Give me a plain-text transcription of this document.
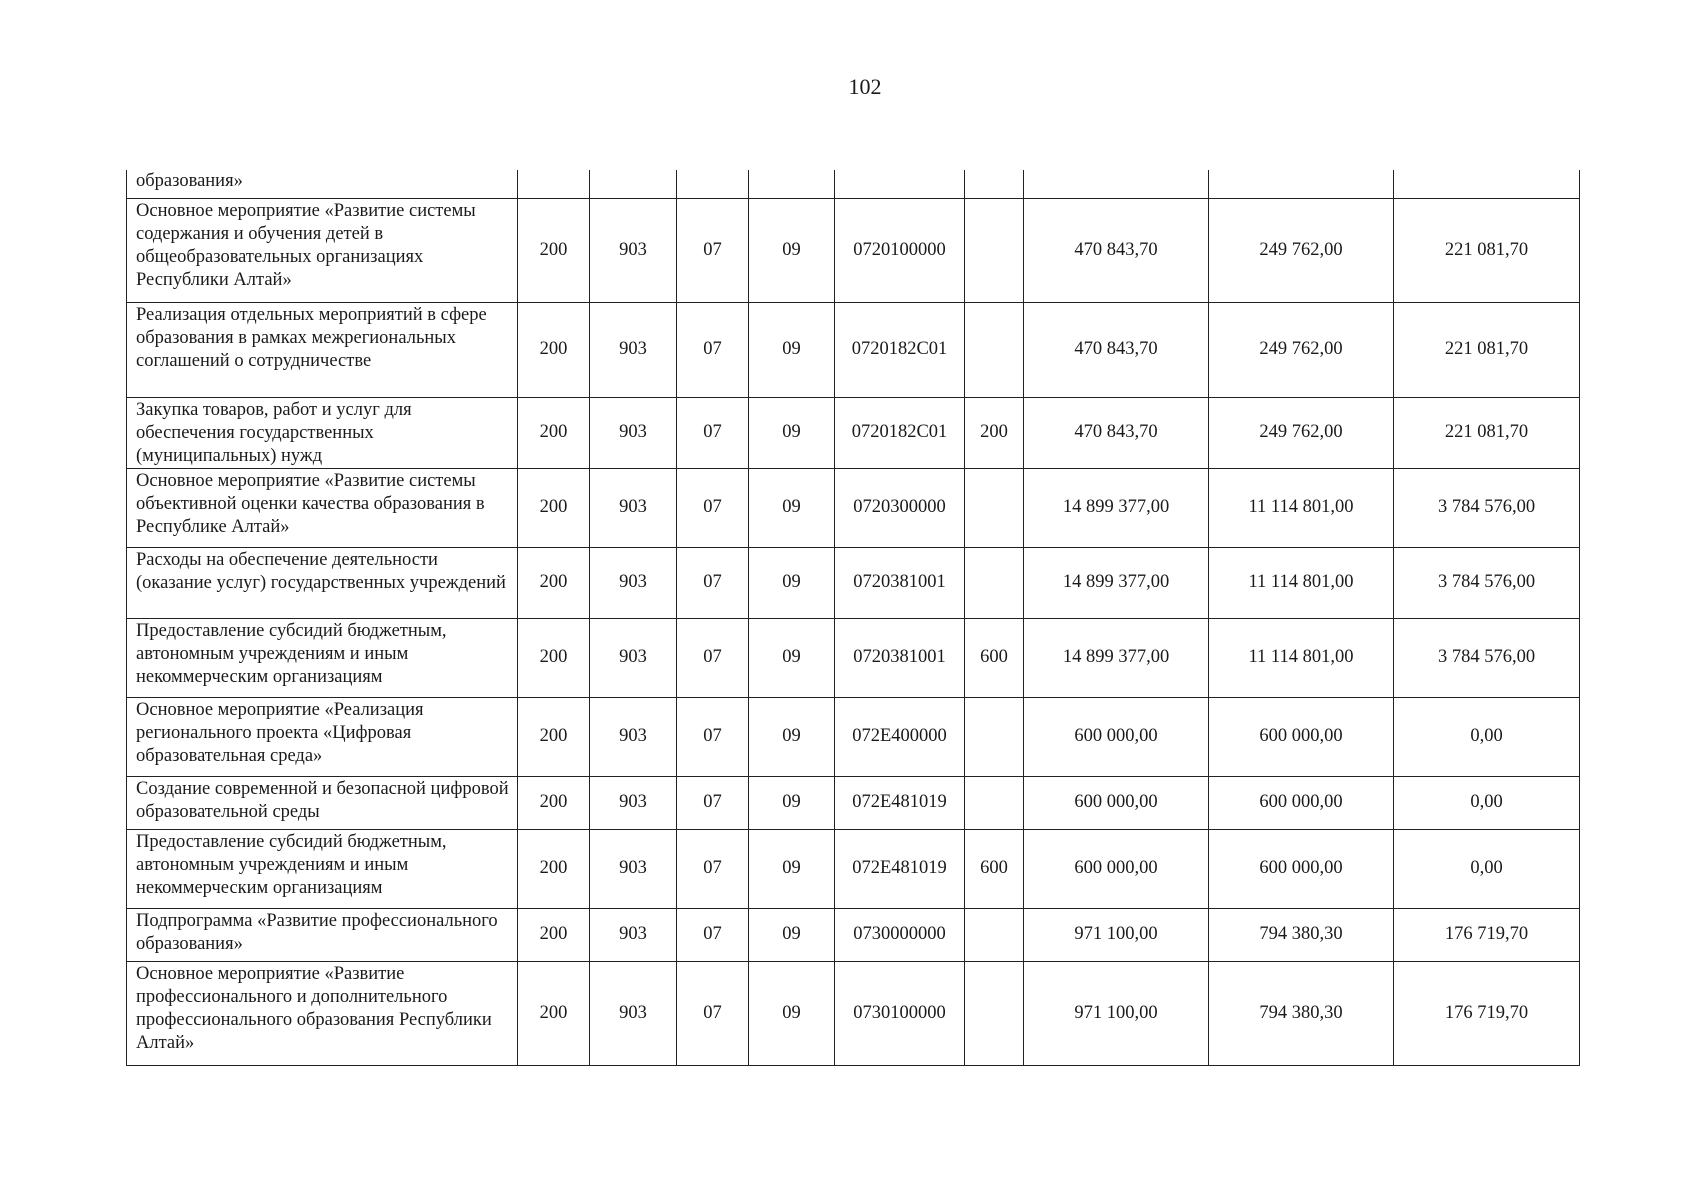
102
образования»									
Основное мероприятие «Развитие системы содержания и обучения детей в общеобразовательных организациях Республики Алтай»	200	903	07	09	0720100000		470 843,70	249 762,00	221 081,70
Реализация отдельных мероприятий в сфере образования в рамках межрегиональных соглашений о сотрудничестве	200	903	07	09	0720182С01		470 843,70	249 762,00	221 081,70
Закупка товаров, работ и услуг для обеспечения государственных (муниципальных) нужд	200	903	07	09	0720182С01	200	470 843,70	249 762,00	221 081,70
Основное мероприятие «Развитие системы объективной оценки качества образования в Республике Алтай»	200	903	07	09	0720300000		14 899 377,00	11 114 801,00	3 784 576,00
Расходы на обеспечение деятельности (оказание услуг) государственных учреждений	200	903	07	09	0720381001		14 899 377,00	11 114 801,00	3 784 576,00
Предоставление субсидий бюджетным, автономным учреждениям и иным некоммерческим организациям	200	903	07	09	0720381001	600	14 899 377,00	11 114 801,00	3 784 576,00
Основное мероприятие «Реализация регионального проекта «Цифровая образовательная среда»	200	903	07	09	072Е400000		600 000,00	600 000,00	0,00
Создание современной и безопасной цифровой образовательной среды	200	903	07	09	072Е481019		600 000,00	600 000,00	0,00
Предоставление субсидий бюджетным, автономным учреждениям и иным некоммерческим организациям	200	903	07	09	072Е481019	600	600 000,00	600 000,00	0,00
Подпрограмма «Развитие профессионального образования»	200	903	07	09	0730000000		971 100,00	794 380,30	176 719,70
Основное мероприятие «Развитие профессионального и дополнительного профессионального образования Республики Алтай»	200	903	07	09	0730100000		971 100,00	794 380,30	176 719,70
